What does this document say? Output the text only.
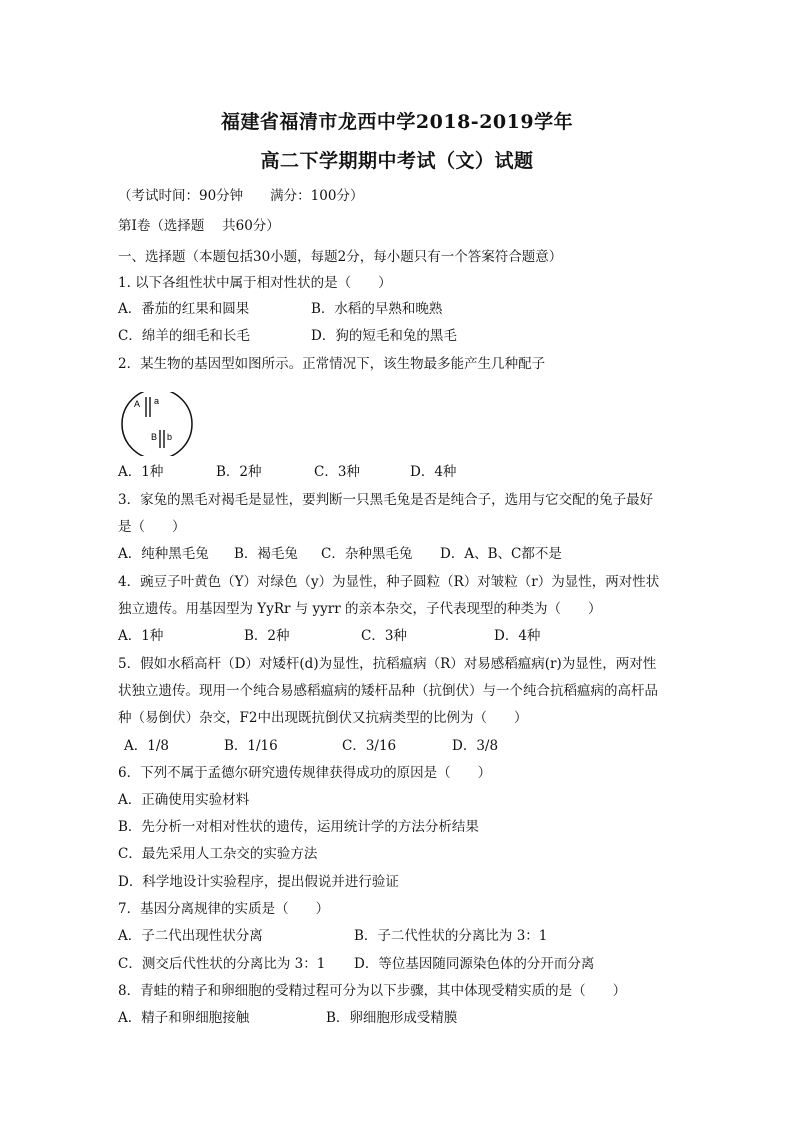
福建省福清市龙西中学2018-2019学年
高二下学期期中考试（文）试题
（考试时间：90分钟　　满分：100分）
第Ⅰ卷（选择题　 共60分）
一、选择题（本题包括30小题，每题2分，每小题只有一个答案符合题意）
1. 以下各组性状中属于相对性状的是（　　）
A．番茄的红果和圆果	B．水稻的早熟和晚熟
C．绵羊的细毛和长毛	D．狗的短毛和兔的黑毛
2．某生物的基因型如图所示。正常情况下，该生物最多能产生几种配子
A a
B b
A．1种	B．2种	C．3种	D．4种
3．家兔的黑毛对褐毛是显性，要判断一只黑毛兔是否是纯合子，选用与它交配的兔子最好
是（　　）
A．纯种黑毛兔 B．褐毛兔 C．杂种黑毛兔 D．A、B、C都不是
4．豌豆子叶黄色（Y）对绿色（y）为显性，种子圆粒（R）对皱粒（r）为显性，两对性状
独立遗传。用基因型为 YyRr 与 yyrr 的亲本杂交，子代表现型的种类为（　　）
A．1种	B．2种	C．3种	D．4种
5．假如水稻高杆（D）对矮杆(d)为显性，抗稻瘟病（R）对易感稻瘟病(r)为显性，两对性
状独立遗传。现用一个纯合易感稻瘟病的矮杆品种（抗倒伏）与一个纯合抗稻瘟病的高杆品
种（易倒伏）杂交，F2中出现既抗倒伏又抗病类型的比例为（　　）
A．1/8	B．1/16	C．3/16	D．3/8
6．下列不属于孟德尔研究遗传规律获得成功的原因是（　　）
A．正确使用实验材料
B．先分析一对相对性状的遗传，运用统计学的方法分析结果
C．最先采用人工杂交的实验方法
D．科学地设计实验程序，提出假说并进行验证
7．基因分离规律的实质是（　　）
A．子二代出现性状分离	B．子二代性状的分离比为 3：1
C．测交后代性状的分离比为 3：1 D．等位基因随同源染色体的分开而分离
8．青蛙的精子和卵细胞的受精过程可分为以下步骤，其中体现受精实质的是（　　）
A．精子和卵细胞接触	B．卵细胞形成受精膜
